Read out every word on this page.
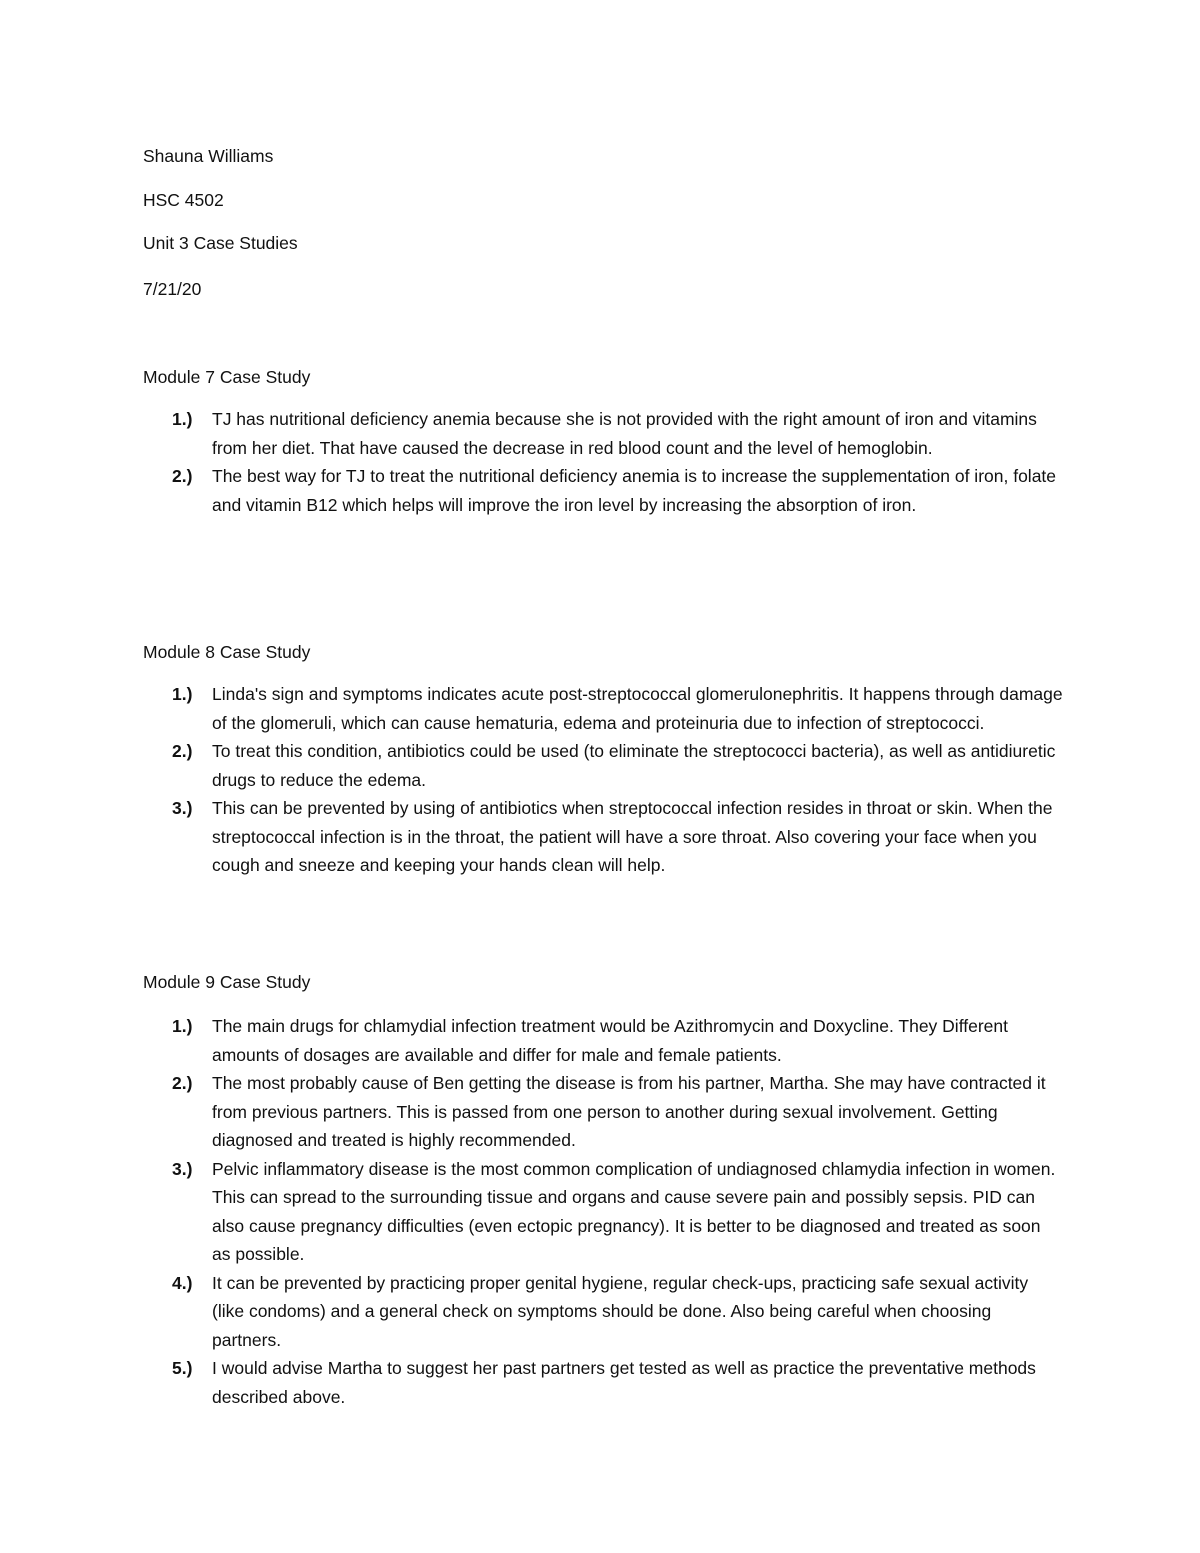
Shauna Williams
HSC 4502
Unit 3 Case Studies
7/21/20
Module 7 Case Study
1.) TJ has nutritional deficiency anemia because she is not provided with the right amount of iron and vitamins from her diet. That have caused the decrease in red blood count and the level of hemoglobin.
2.) The best way for TJ to treat the nutritional deficiency anemia is to increase the supplementation of iron, folate and vitamin B12 which helps will improve the iron level by increasing the absorption of iron.
Module 8 Case Study
1.) Linda's sign and symptoms indicates acute post-streptococcal glomerulonephritis. It happens through damage of the glomeruli, which can cause hematuria, edema and proteinuria due to infection of streptococci.
2.) To treat this condition, antibiotics could be used (to eliminate the streptococci bacteria), as well as antidiuretic drugs to reduce the edema.
3.) This can be prevented by using of antibiotics when streptococcal infection resides in throat or skin. When the streptococcal infection is in the throat, the patient will have a sore throat. Also covering your face when you cough and sneeze and keeping your hands clean will help.
Module 9 Case Study
1.) The main drugs for chlamydial infection treatment would be Azithromycin and Doxycline. They Different amounts of dosages are available and differ for male and female patients.
2.) The most probably cause of Ben getting the disease is from his partner, Martha. She may have contracted it from previous partners. This is passed from one person to another during sexual involvement. Getting diagnosed and treated is highly recommended.
3.) Pelvic inflammatory disease is the most common complication of undiagnosed chlamydia infection in women. This can spread to the surrounding tissue and organs and cause severe pain and possibly sepsis. PID can also cause pregnancy difficulties (even ectopic pregnancy). It is better to be diagnosed and treated as soon as possible.
4.) It can be prevented by practicing proper genital hygiene, regular check-ups, practicing safe sexual activity (like condoms) and a general check on symptoms should be done. Also being careful when choosing partners.
5.) I would advise Martha to suggest her past partners get tested as well as practice the preventative methods described above.
